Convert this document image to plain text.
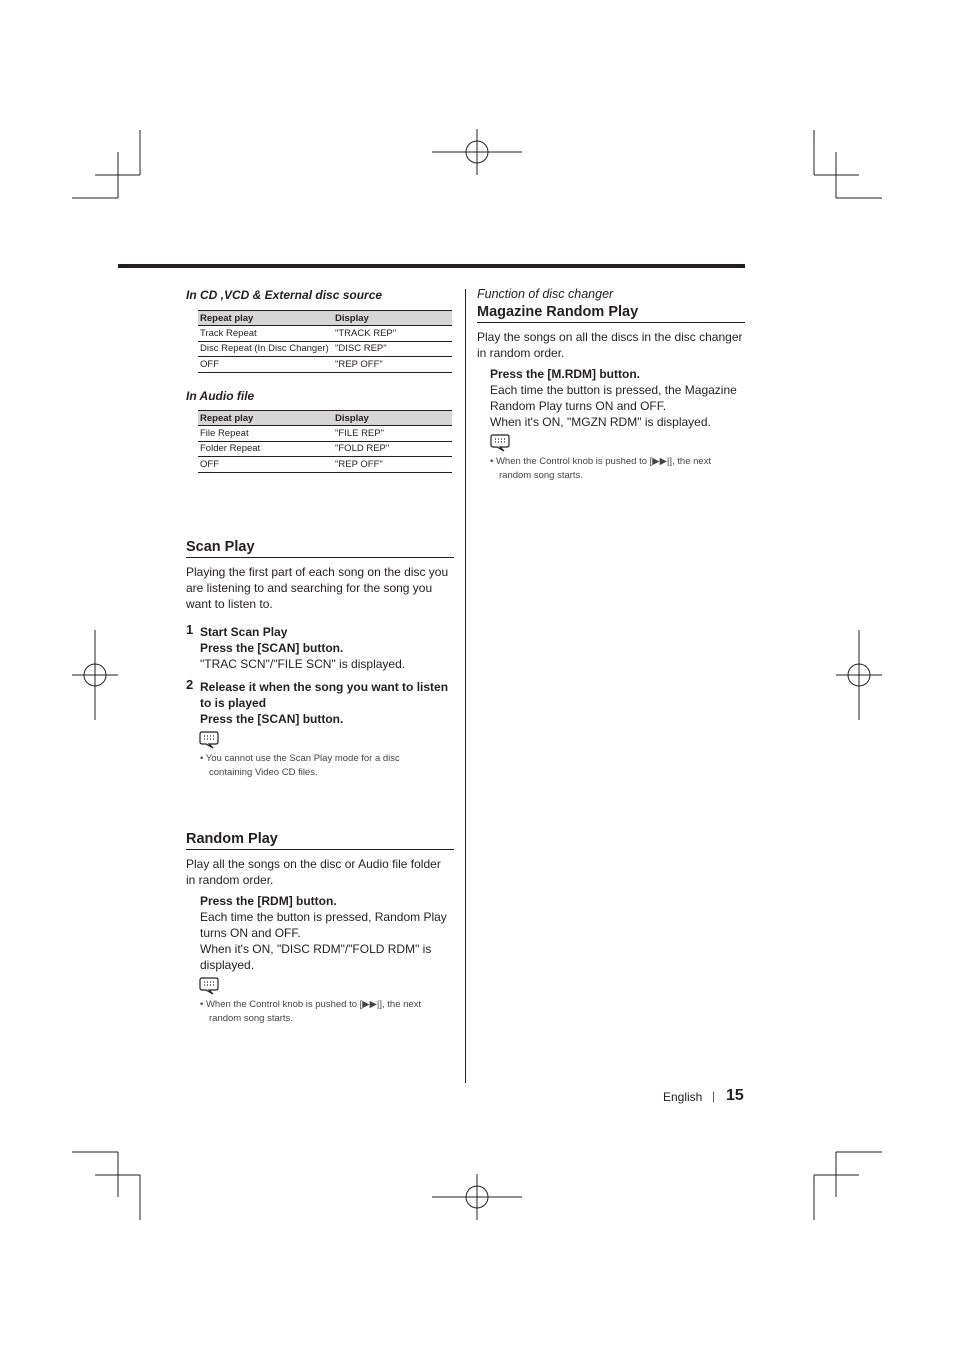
In CD ,VCD & External disc source
Repeat play	Display
Track Repeat	"TRACK REP"
Disc Repeat (In Disc Changer)	"DISC REP"
OFF	"REP OFF"
In Audio file
Repeat play	Display
File Repeat	"FILE REP"
Folder Repeat	"FOLD REP"
OFF	"REP OFF"
Scan Play
Playing the first part of each song on the disc you
are listening to and searching for the song you
want to listen to.
1 Start Scan Play
Press the [SCAN] button.
"TRAC SCN"/"FILE SCN" is displayed.
2 Release it when the song you want to listen
to is played
Press the [SCAN] button.
• You cannot use the Scan Play mode for a disc
containing Video CD files.
Random Play
Play all the songs on the disc or Audio file folder
in random order.
Press the [RDM] button.
Each time the button is pressed, Random Play
turns ON and OFF.
When it's ON, "DISC RDM"/"FOLD RDM" is
displayed.
• When the Control knob is pushed to [▶▶|], the next
random song starts.
Function of disc changer
Magazine Random Play
Play the songs on all the discs in the disc changer
in random order.
Press the [M.RDM] button.
Each time the button is pressed, the Magazine
Random Play turns ON and OFF.
When it's ON, "MGZN RDM" is displayed.
• When the Control knob is pushed to [▶▶|], the next
random song starts.
English | 15
